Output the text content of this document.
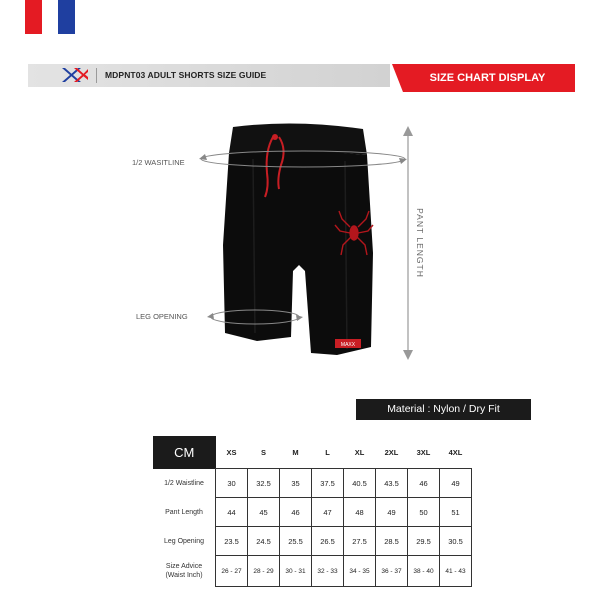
MDPNT03 ADULT SHORTS SIZE GUIDE	SIZE CHART DISPLAY
MAXX
1/2 WASITLINE
LEG OPENING
PANT LENGTH
Material : Nylon / Dry Fit
CM	XS	S	M	L	XL	2XL	3XL	4XL
1/2 Waistline	30	32.5	35	37.5	40.5	43.5	46	49
Pant Length	44	45	46	47	48	49	50	51
Leg Opening	23.5	24.5	25.5	26.5	27.5	28.5	29.5	30.5
Size Advice
(Waist Inch)	26 - 27	28 - 29	30 - 31	32 - 33	34 - 35	36 - 37	38 - 40	41 - 43
